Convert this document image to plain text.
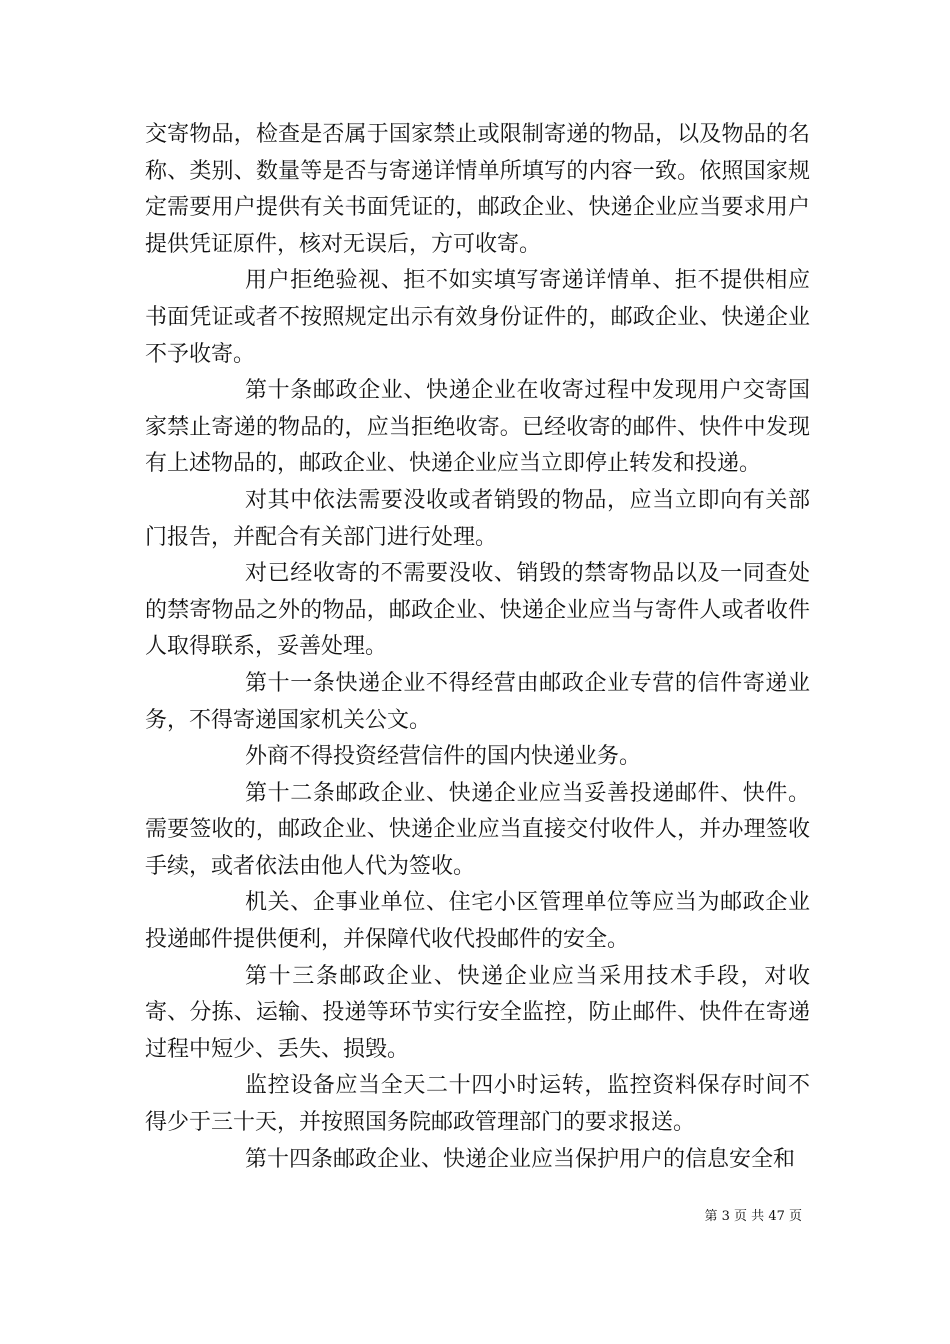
交寄物品，检查是否属于国家禁止或限制寄递的物品，以及物品的名称、类别、数量等是否与寄递详情单所填写的内容一致。依照国家规定需要用户提供有关书面凭证的，邮政企业、快递企业应当要求用户提供凭证原件，核对无误后，方可收寄。

用户拒绝验视、拒不如实填写寄递详情单、拒不提供相应书面凭证或者不按照规定出示有效身份证件的，邮政企业、快递企业不予收寄。

第十条邮政企业、快递企业在收寄过程中发现用户交寄国家禁止寄递的物品的，应当拒绝收寄。已经收寄的邮件、快件中发现有上述物品的，邮政企业、快递企业应当立即停止转发和投递。

对其中依法需要没收或者销毁的物品，应当立即向有关部门报告，并配合有关部门进行处理。

对已经收寄的不需要没收、销毁的禁寄物品以及一同查处的禁寄物品之外的物品，邮政企业、快递企业应当与寄件人或者收件人取得联系，妥善处理。

第十一条快递企业不得经营由邮政企业专营的信件寄递业务，不得寄递国家机关公文。

外商不得投资经营信件的国内快递业务。

第十二条邮政企业、快递企业应当妥善投递邮件、快件。需要签收的，邮政企业、快递企业应当直接交付收件人，并办理签收手续，或者依法由他人代为签收。

机关、企事业单位、住宅小区管理单位等应当为邮政企业投递邮件提供便利，并保障代收代投邮件的安全。

第十三条邮政企业、快递企业应当采用技术手段，对收寄、分拣、运输、投递等环节实行安全监控，防止邮件、快件在寄递过程中短少、丢失、损毁。

监控设备应当全天二十四小时运转，监控资料保存时间不得少于三十天，并按照国务院邮政管理部门的要求报送。

第十四条邮政企业、快递企业应当保护用户的信息安全和

第 3 页 共 47 页
